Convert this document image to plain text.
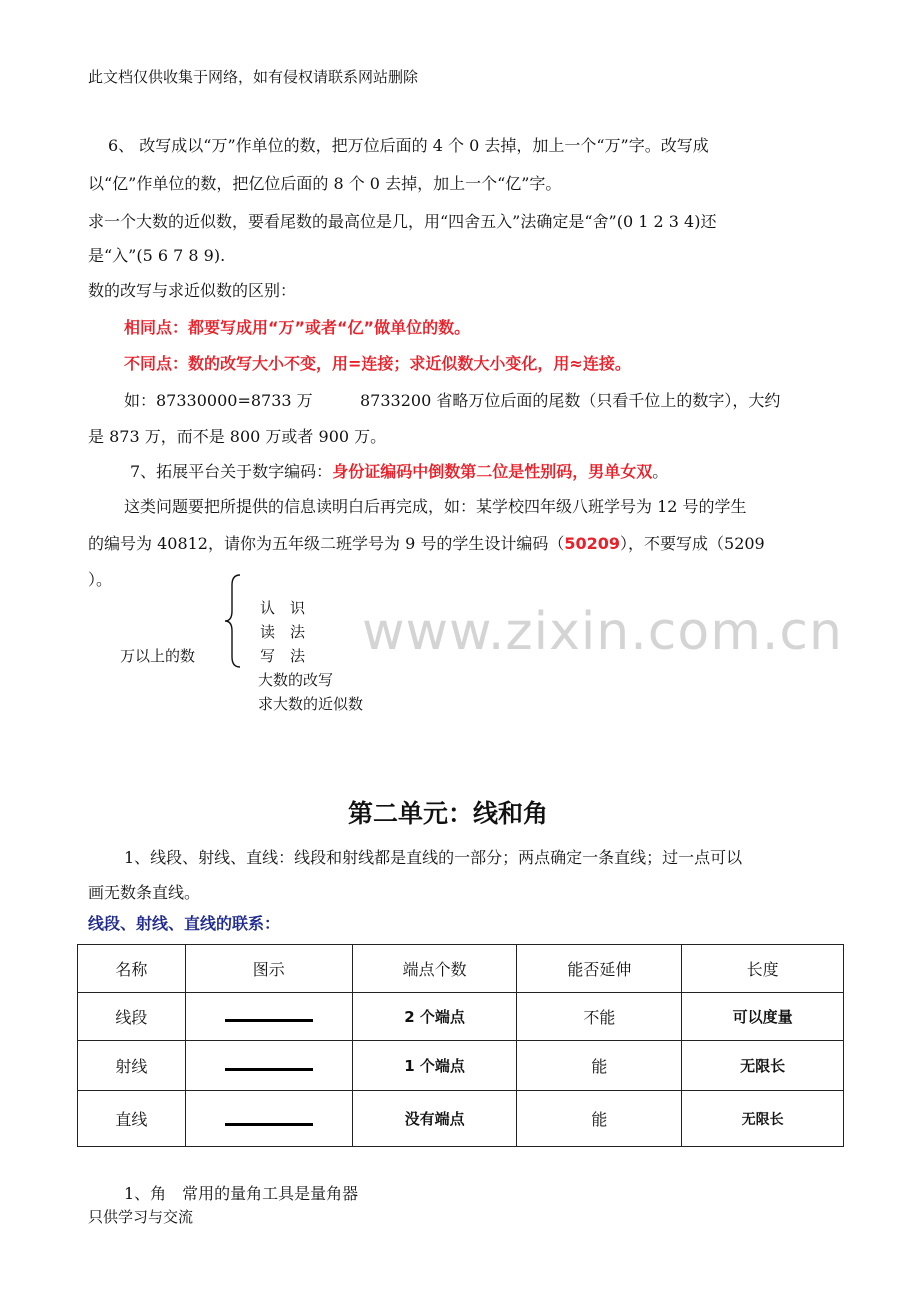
此文档仅供收集于网络，如有侵权请联系网站删除
6、 改写成以“万”作单位的数，把万位后面的 4 个 0 去掉，加上一个“万”字。改写成
以“亿”作单位的数，把亿位后面的 8 个 0 去掉，加上一个“亿”字。
求一个大数的近似数，要看尾数的最高位是几，用“四舍五入”法确定是“舍”(0 1 2 3 4)还
是“入”(5 6 7 8 9).
数的改写与求近似数的区别：
相同点：都要写成用“万”或者“亿”做单位的数。
不同点：数的改写大小不变，用=连接；求近似数大小变化，用≈连接。
如：87330000=8733 万	8733200 省略万位后面的尾数（只看千位上的数字），大约
是 873 万，而不是 800 万或者 900 万。
7、拓展平台关于数字编码：身份证编码中倒数第二位是性别码，男单女双。
这类问题要把所提供的信息读明白后再完成，如：某学校四年级八班学号为 12 号的学生
的编号为 40812，请你为五年级二班学号为 9 号的学生设计编码（50209），不要写成（5209
）。
万以上的数
认　识
读　法
写　法
大数的改写
求大数的近似数
www.zixin.com.cn
第二单元：线和角
1、线段、射线、直线：线段和射线都是直线的一部分；两点确定一条直线；过一点可以
画无数条直线。
线段、射线、直线的联系：
名称	图示	端点个数	能否延伸	长度
线段		2 个端点	不能	可以度量
射线		1 个端点	能	无限长
直线		没有端点	能	无限长
1、角　常用的量角工具是量角器
只供学习与交流
